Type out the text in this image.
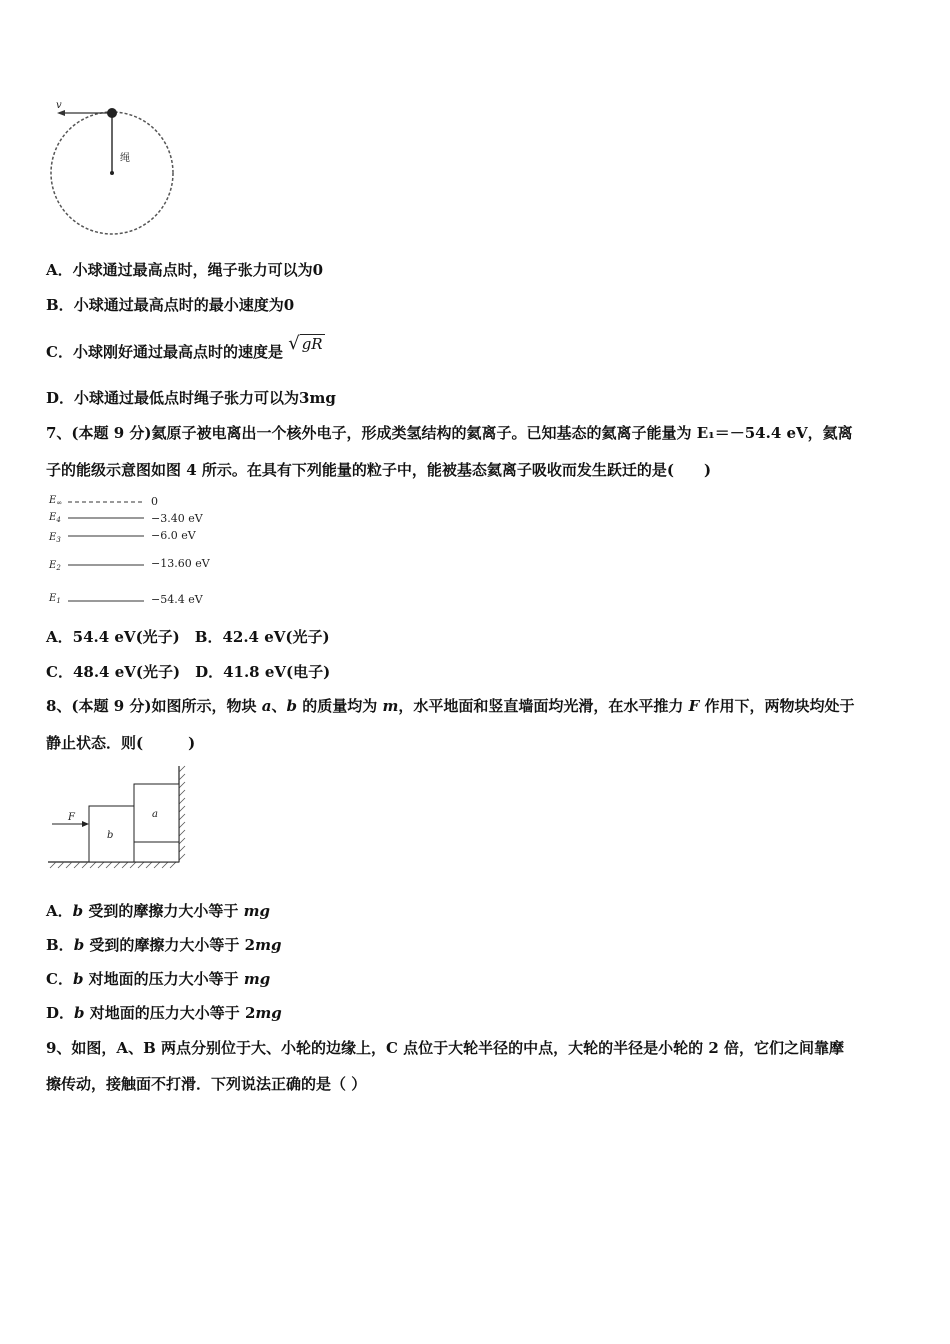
v
绳
A．小球通过最高点时，绳子张力可以为0
B．小球通过最高点时的最小速度为0
C．小球刚好通过最高点时的速度是 √ gR
D．小球通过最低点时绳子张力可以为3mg
7、(本题 9 分)氦原子被电离出一个核外电子，形成类氢结构的氦离子。已知基态的氦离子能量为 E₁＝－54.4 eV，氦离
子的能级示意图如图 4 所示。在具有下列能量的粒子中，能被基态氦离子吸收而发生跃迁的是(　　)
$E_\infty$	0
$E_4$	−3.40 eV
$E_3$	−6.0 eV
$E_2$	−13.60 eV
$E_1$	−54.4 eV
A．54.4 eV(光子)　B．42.4 eV(光子)
C．48.4 eV(光子)　D．41.8 eV(电子)
8、(本题 9 分)如图所示，物块 a、b 的质量均为 m，水平地面和竖直墙面均光滑，在水平推力 F 作用下，两物块均处于
静止状态．则(　　　)
F
b
a
A．b 受到的摩擦力大小等于 mg
B．b 受到的摩擦力大小等于 2mg
C．b 对地面的压力大小等于 mg
D．b 对地面的压力大小等于 2mg
9、如图，A、B 两点分别位于大、小轮的边缘上，C 点位于大轮半径的中点，大轮的半径是小轮的 2 倍，它们之间靠摩
擦传动，接触面不打滑．下列说法正确的是（ ）
